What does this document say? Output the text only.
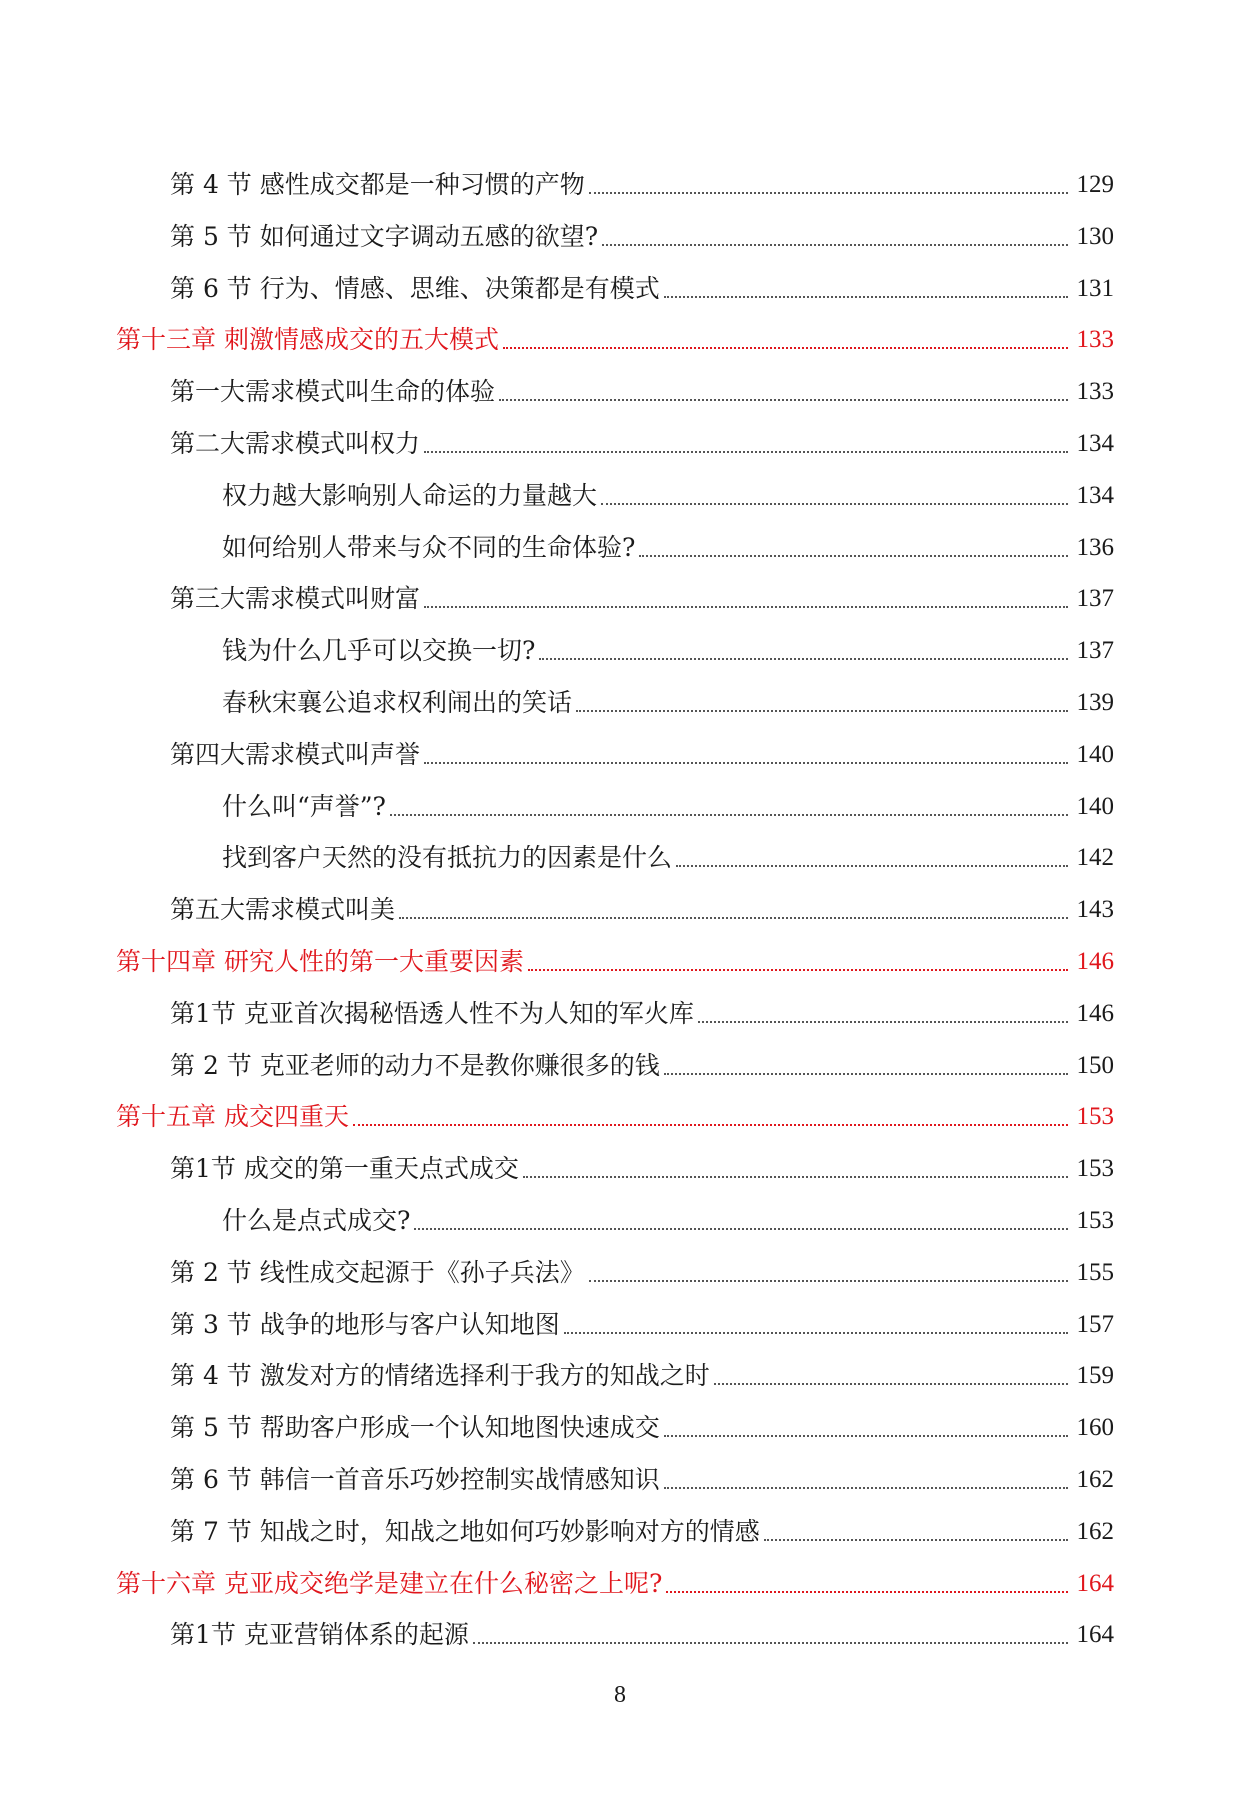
第 4 节 感性成交都是一种习惯的产物	129
第 5 节 如何通过文字调动五感的欲望?	130
第 6 节 行为、情感、思维、决策都是有模式	131
第十三章 刺激情感成交的五大模式	133
第一大需求模式叫生命的体验	133
第二大需求模式叫权力	134
权力越大影响别人命运的力量越大	134
如何给别人带来与众不同的生命体验?	136
第三大需求模式叫财富	137
钱为什么几乎可以交换一切?	137
春秋宋襄公追求权利闹出的笑话	139
第四大需求模式叫声誉	140
什么叫“声誉”?	140
找到客户天然的没有抵抗力的因素是什么	142
第五大需求模式叫美	143
第十四章 研究人性的第一大重要因素	146
第1节 克亚首次揭秘悟透人性不为人知的军火库	146
第 2 节 克亚老师的动力不是教你赚很多的钱	150
第十五章 成交四重天	153
第1节 成交的第一重天点式成交	153
什么是点式成交?	153
第 2 节 线性成交起源于《孙子兵法》	155
第 3 节 战争的地形与客户认知地图	157
第 4 节 激发对方的情绪选择利于我方的知战之时	159
第 5 节 帮助客户形成一个认知地图快速成交	160
第 6 节 韩信一首音乐巧妙控制实战情感知识	162
第 7 节 知战之时，知战之地如何巧妙影响对方的情感	162
第十六章 克亚成交绝学是建立在什么秘密之上呢?	164
第1节 克亚营销体系的起源	164
8
